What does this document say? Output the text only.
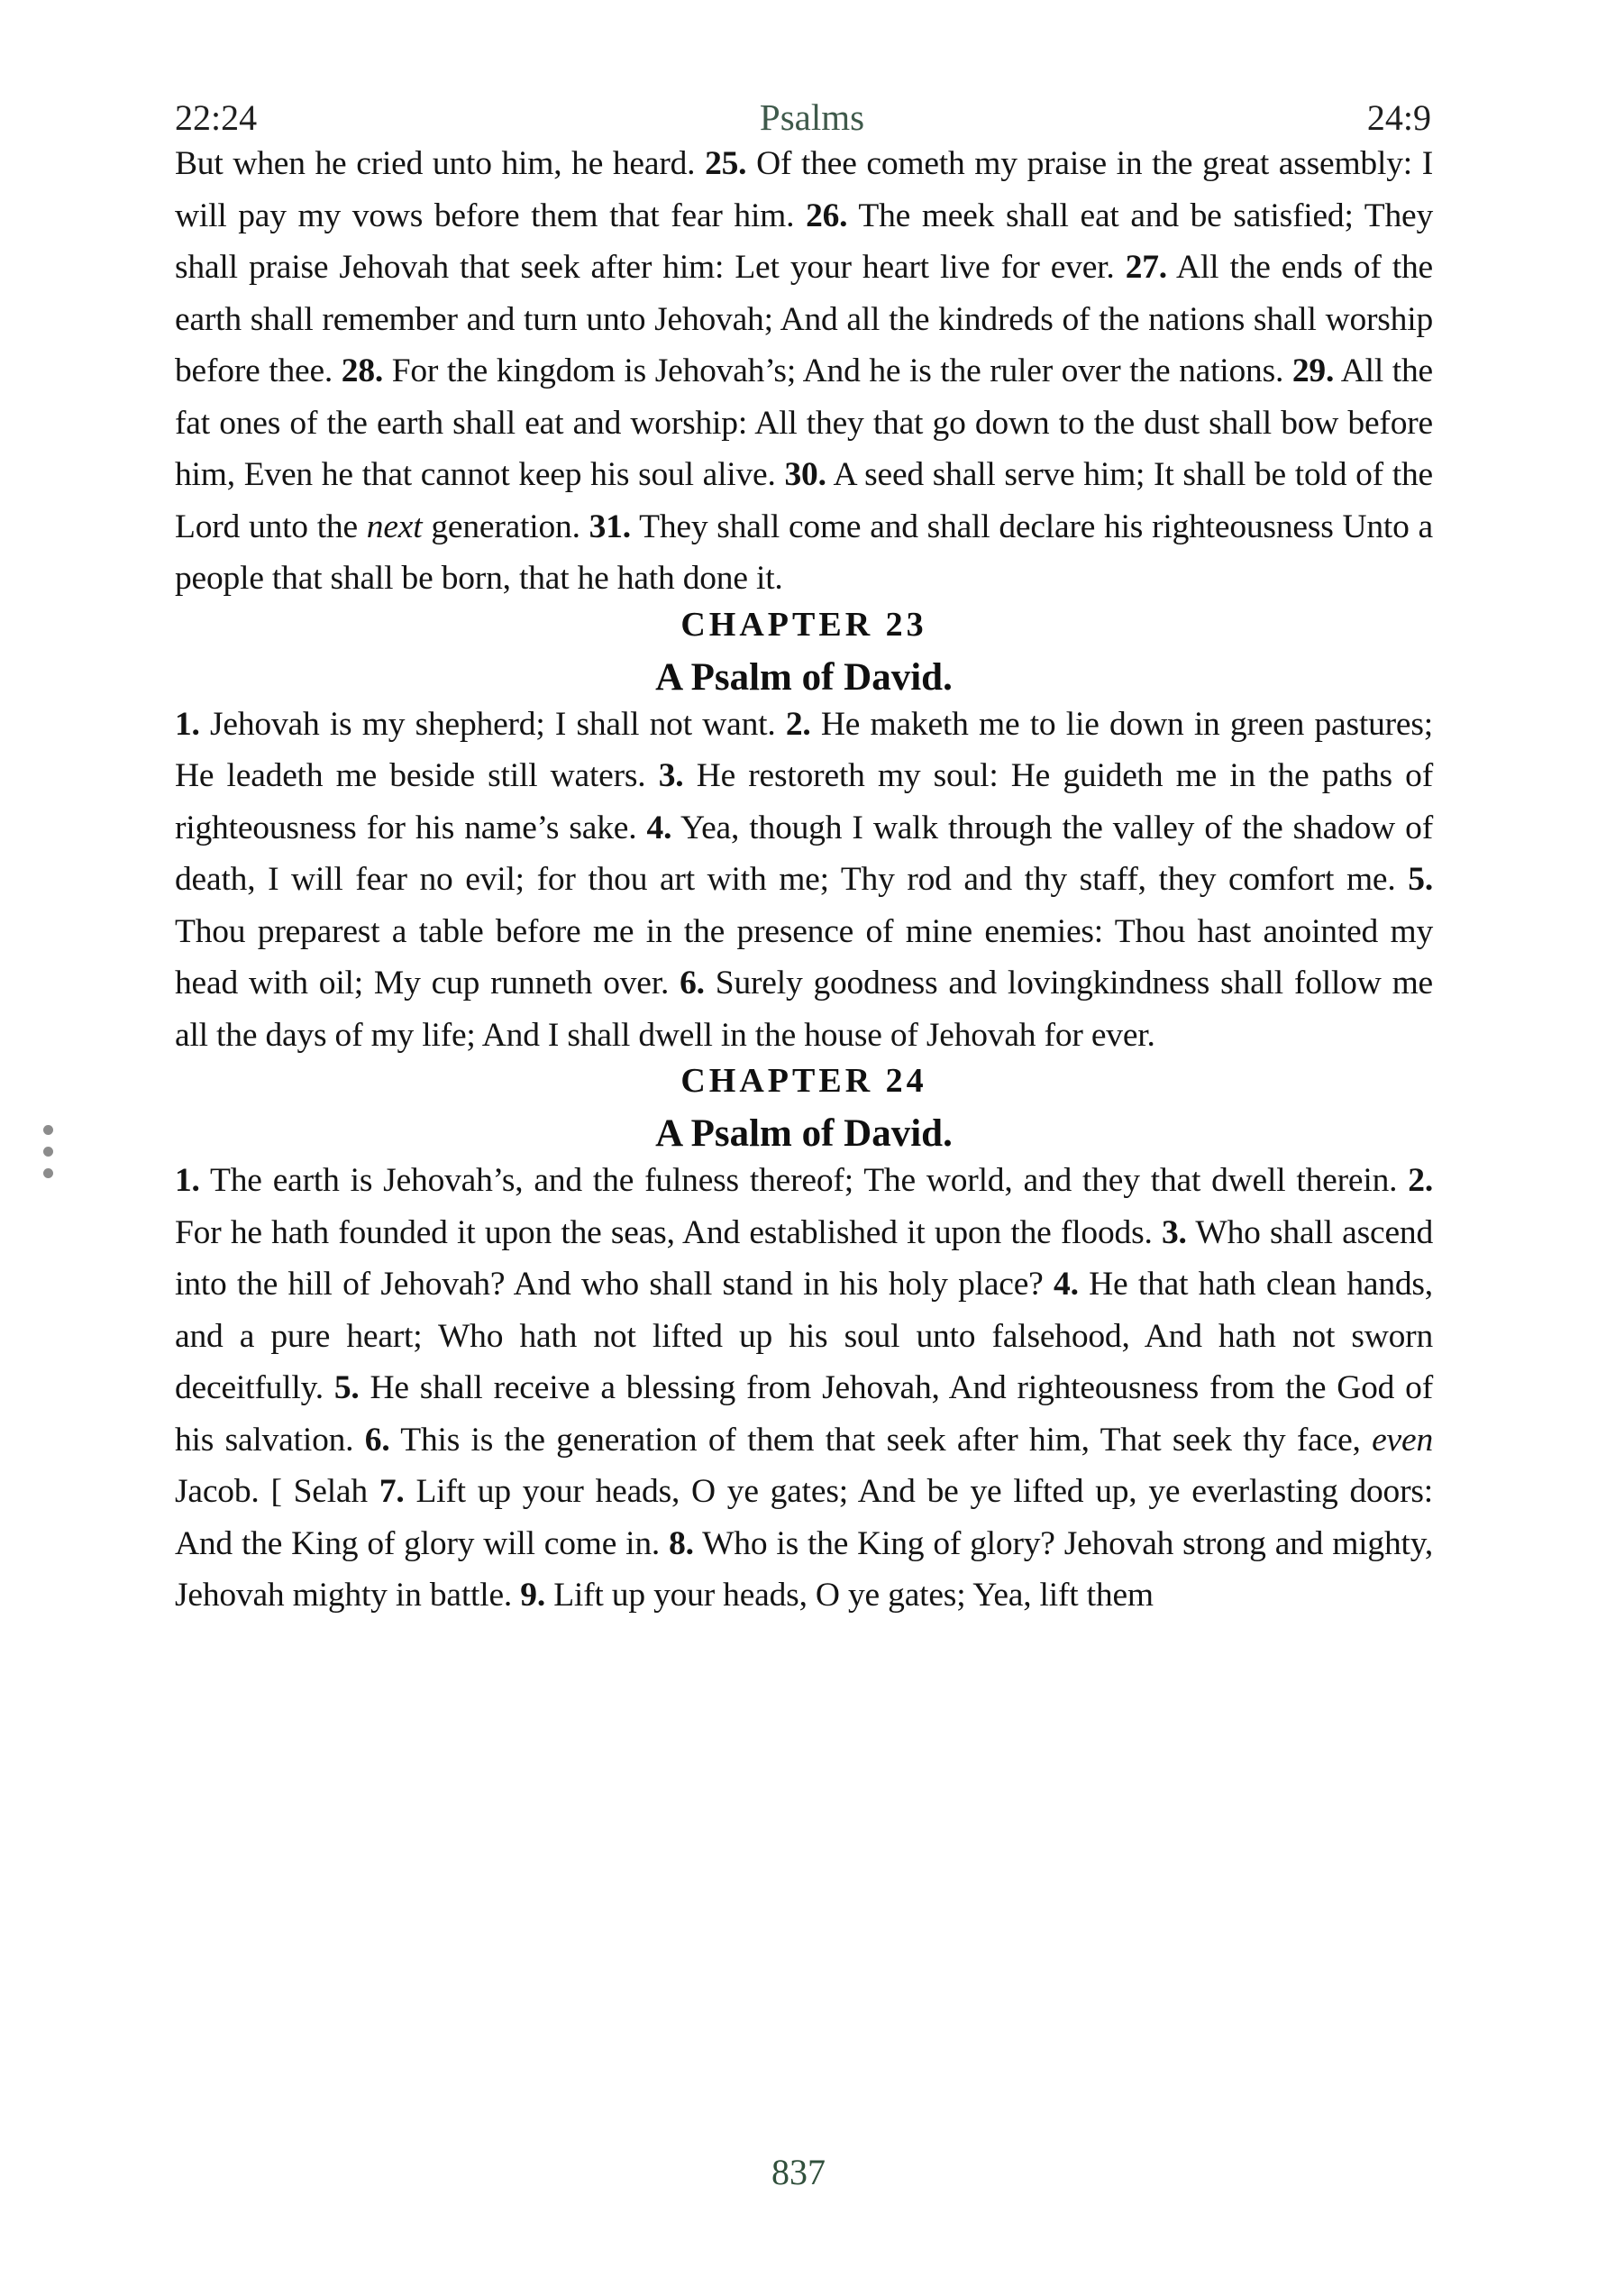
22:24	Psalms	24:9

But when he cried unto him, he heard. 25. Of thee cometh my praise in the great assembly: I will pay my vows before them that fear him. 26. The meek shall eat and be satisfied; They shall praise Jehovah that seek after him: Let your heart live for ever. 27. All the ends of the earth shall remember and turn unto Jehovah; And all the kindreds of the nations shall worship before thee. 28. For the kingdom is Jehovah’s; And he is the ruler over the nations. 29. All the fat ones of the earth shall eat and worship: All they that go down to the dust shall bow before him, Even he that cannot keep his soul alive. 30. A seed shall serve him; It shall be told of the Lord unto the next generation. 31. They shall come and shall declare his righteousness Unto a people that shall be born, that he hath done it.

CHAPTER 23
A Psalm of David.

1. Jehovah is my shepherd; I shall not want. 2. He maketh me to lie down in green pastures; He leadeth me beside still waters. 3. He restoreth my soul: He guideth me in the paths of righteousness for his name’s sake. 4. Yea, though I walk through the valley of the shadow of death, I will fear no evil; for thou art with me; Thy rod and thy staff, they comfort me. 5. Thou preparest a table before me in the presence of mine enemies: Thou hast anointed my head with oil; My cup runneth over. 6. Surely goodness and lovingkindness shall follow me all the days of my life; And I shall dwell in the house of Jehovah for ever.

CHAPTER 24
A Psalm of David.

1. The earth is Jehovah’s, and the fulness thereof; The world, and they that dwell therein. 2. For he hath founded it upon the seas, And established it upon the floods. 3. Who shall ascend into the hill of Jehovah? And who shall stand in his holy place? 4. He that hath clean hands, and a pure heart; Who hath not lifted up his soul unto falsehood, And hath not sworn deceitfully. 5. He shall receive a blessing from Jehovah, And righteousness from the God of his salvation. 6. This is the generation of them that seek after him, That seek thy face, even Jacob. [ Selah 7. Lift up your heads, O ye gates; And be ye lifted up, ye everlasting doors: And the King of glory will come in. 8. Who is the King of glory? Jehovah strong and mighty, Jehovah mighty in battle. 9. Lift up your heads, O ye gates; Yea, lift them

837
